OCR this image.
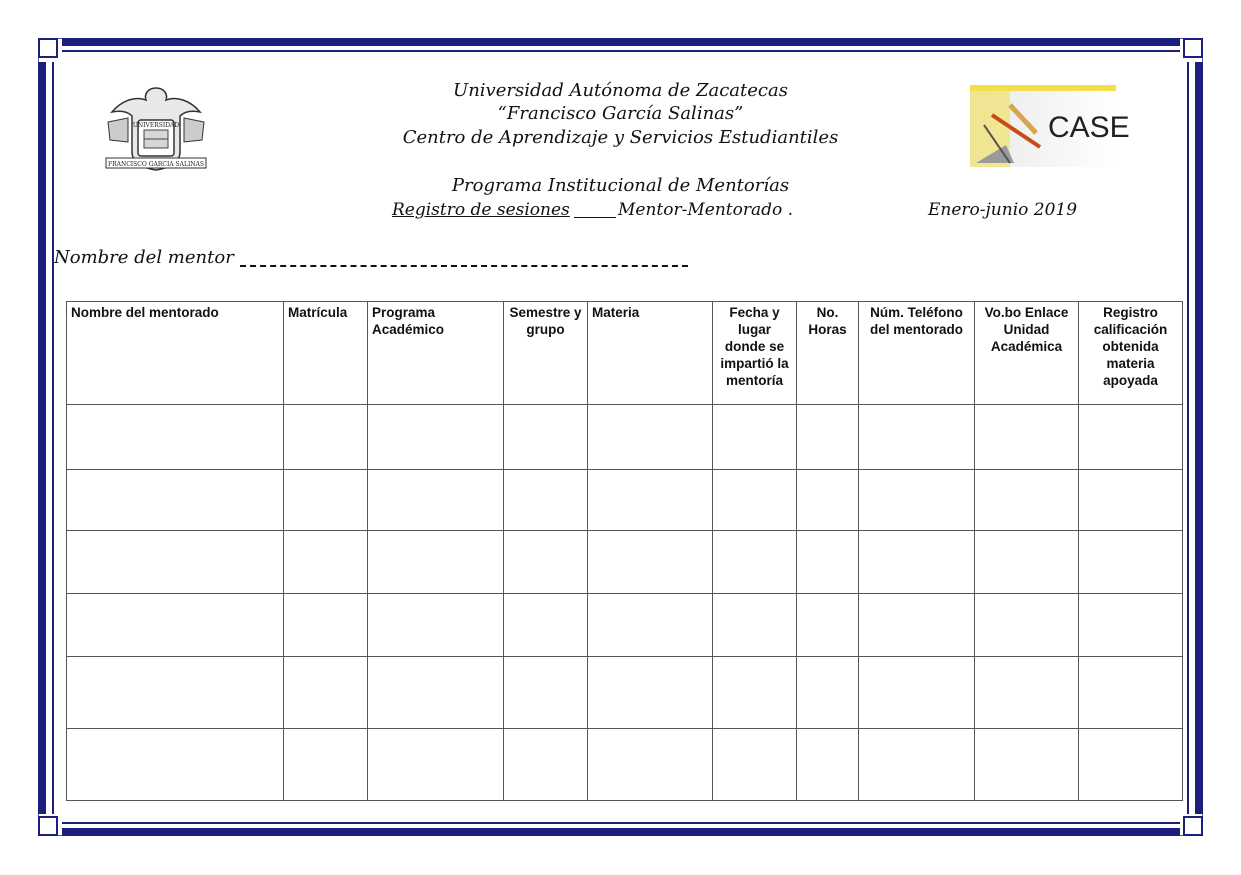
UNIVERSIDAD
FRANCISCO GARCIA SALINAS
CASE
Universidad Autónoma de Zacatecas
“Francisco García Salinas”
Centro de Aprendizaje y Servicios Estudiantiles
Programa Institucional de Mentorías
Registro de sesiones	Mentor-Mentorado .	Enero-junio 2019
Nombre del mentor
Nombre del mentorado	Matrícula	Programa Académico	Semestre y grupo	Materia	Fecha y lugar donde se impartió la mentoría	No. Horas	Núm. Teléfono del mentorado	Vo.bo Enlace Unidad Académica	Registro calificación obtenida materia apoyada
